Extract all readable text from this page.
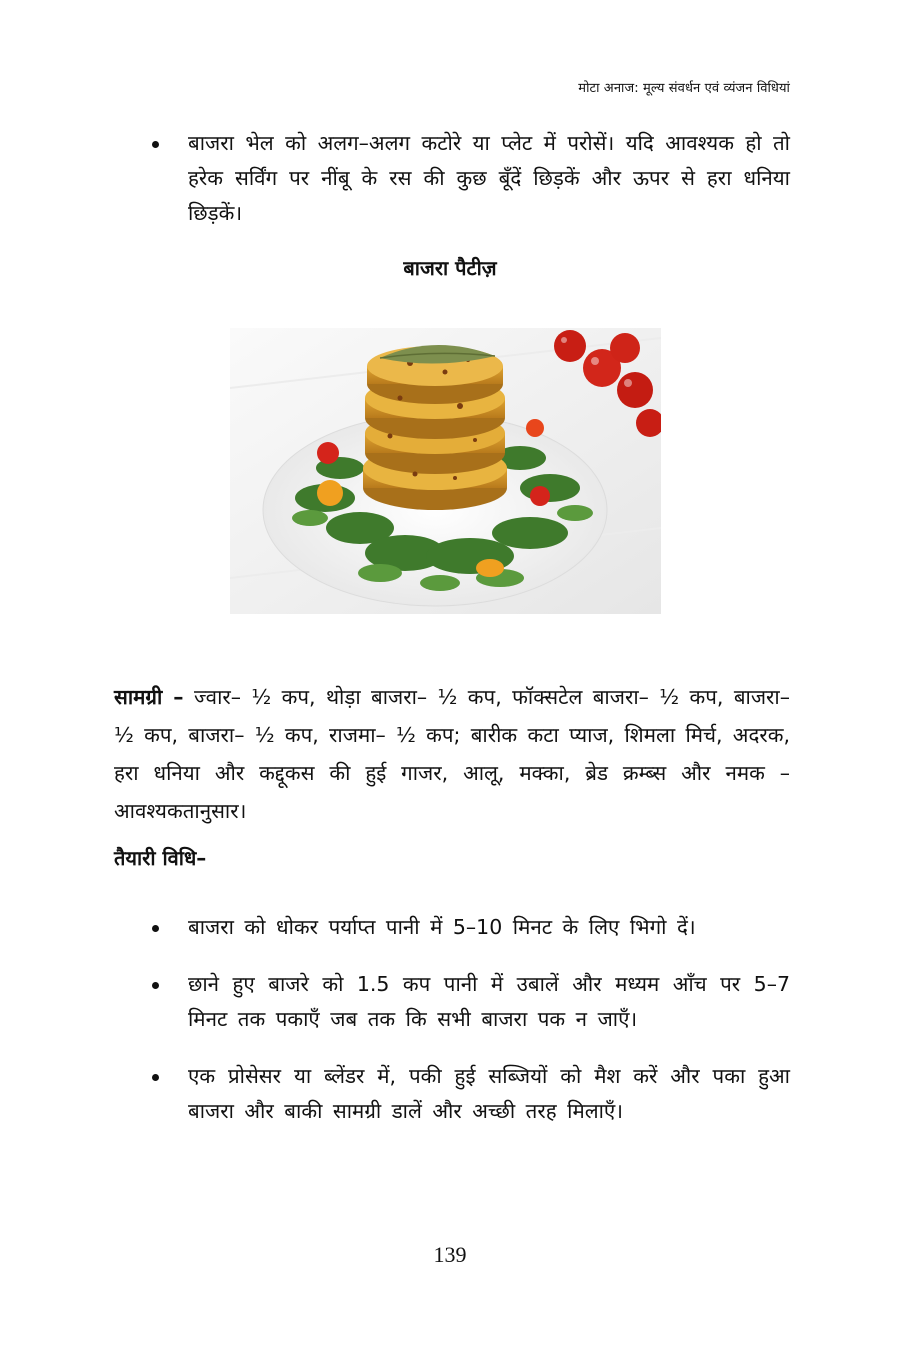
मोटा अनाज: मूल्य संवर्धन एवं व्यंजन विधियां
बाजरा भेल को अलग–अलग कटोरे या प्लेट में परोसें। यदि आवश्यक हो तो हरेक सर्विंग पर नींबू के रस की कुछ बूँदें छिड़कें और ऊपर से हरा धनिया छिड़कें।
बाजरा पैटीज़

सामग्री – ज्वार– ½ कप, थोड़ा बाजरा– ½ कप, फॉक्सटेल बाजरा– ½ कप, बाजरा– ½ कप, बाजरा– ½ कप, राजमा– ½ कप; बारीक कटा प्याज, शिमला मिर्च, अदरक, हरा धनिया और कद्दूकस की हुई गाजर, आलू, मक्का, ब्रेड क्रम्ब्स और नमक – आवश्यकतानुसार।

तैयारी विधि–
बाजरा को धोकर पर्याप्त पानी में 5–10 मिनट के लिए भिगो दें।
छाने हुए बाजरे को 1.5 कप पानी में उबालें और मध्यम आँच पर 5–7 मिनट तक पकाएँ जब तक कि सभी बाजरा पक न जाएँ।
एक प्रोसेसर या ब्लेंडर में, पकी हुई सब्जियों को मैश करें और पका हुआ बाजरा और बाकी सामग्री डालें और अच्छी तरह मिलाएँ।
139
